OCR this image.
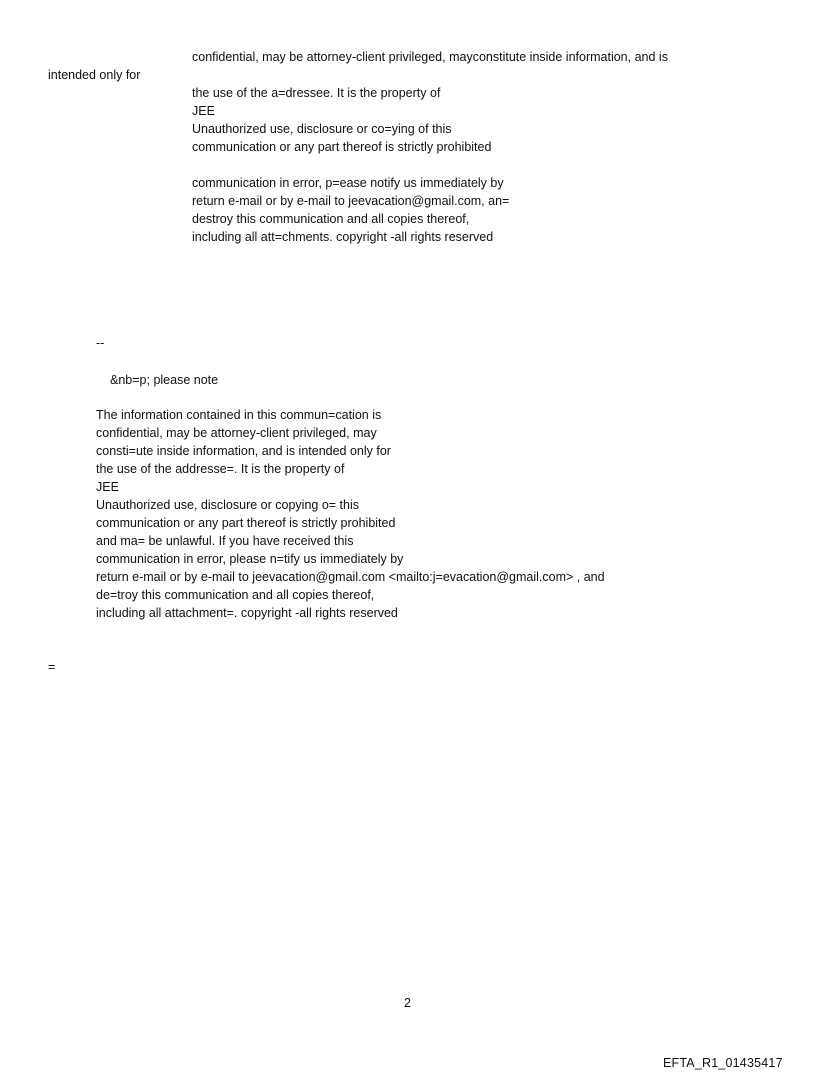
confidential, may be attorney-client privileged, mayconstitute inside information, and is
intended only for
the use of the a=dressee. It is the property of
JEE
Unauthorized use, disclosure or co=ying of this
communication or any part thereof is strictly prohibited
communication in error, p=ease notify us immediately by
return e-mail or by e-mail to jeevacation@gmail.com, an=
destroy this communication and all copies thereof,
including all att=chments. copyright -all rights reserved
--
&nb=p; please note
The information contained in this commun=cation is
confidential, may be attorney-client privileged, may
consti=ute inside information, and is intended only for
the use of the addresse=. It is the property of
JEE
Unauthorized use, disclosure or copying o= this
communication or any part thereof is strictly prohibited
and ma= be unlawful. If you have received this
communication in error, please n=tify us immediately by
return e-mail or by e-mail to jeevacation@gmail.com <mailto:j=evacation@gmail.com> , and
de=troy this communication and all copies thereof,
including all attachment=. copyright -all rights reserved
=
2
EFTA_R1_01435417
